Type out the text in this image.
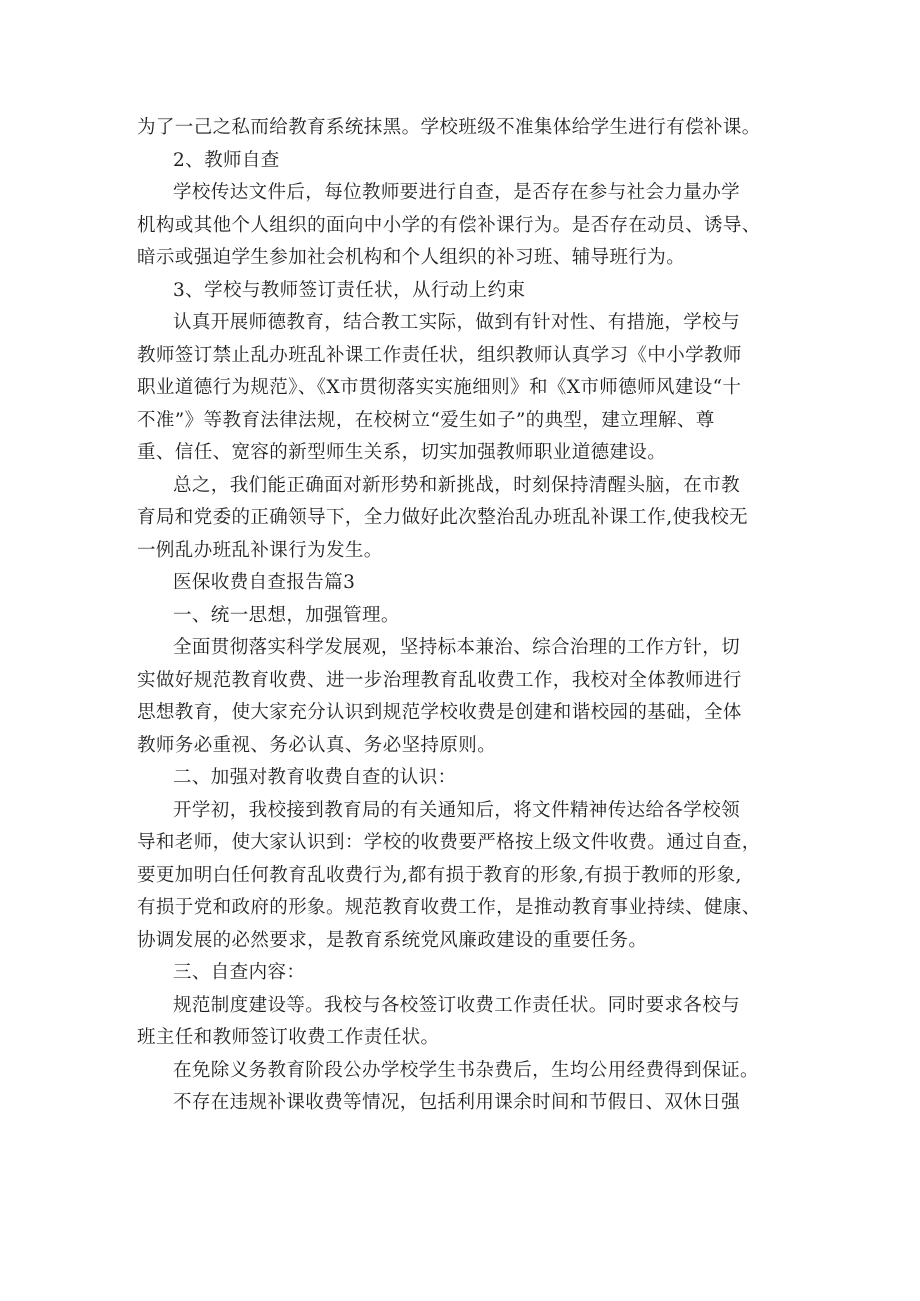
为了一己之私而给教育系统抹黑。学校班级不准集体给学生进行有偿补课。
2、教师自查
学校传达文件后，每位教师要进行自查，是否存在参与社会力量办学
机构或其他个人组织的面向中小学的有偿补课行为。是否存在动员、诱导、
暗示或强迫学生参加社会机构和个人组织的补习班、辅导班行为。
3、学校与教师签订责任状，从行动上约束
认真开展师德教育，结合教工实际，做到有针对性、有措施，学校与
教师签订禁止乱办班乱补课工作责任状，组织教师认真学习《中小学教师
职业道德行为规范》、《X市贯彻落实实施细则》和《X市师德师风建设“十
不准”》等教育法律法规，在校树立“爱生如子”的典型，建立理解、尊
重、信任、宽容的新型师生关系，切实加强教师职业道德建设。
总之，我们能正确面对新形势和新挑战，时刻保持清醒头脑，在市教
育局和党委的正确领导下，全力做好此次整治乱办班乱补课工作,使我校无
一例乱办班乱补课行为发生。
医保收费自查报告篇3
一、统一思想，加强管理。
全面贯彻落实科学发展观，坚持标本兼治、综合治理的工作方针，切
实做好规范教育收费、进一步治理教育乱收费工作，我校对全体教师进行
思想教育，使大家充分认识到规范学校收费是创建和谐校园的基础，全体
教师务必重视、务必认真、务必坚持原则。
二、加强对教育收费自查的认识：
开学初，我校接到教育局的有关通知后，将文件精神传达给各学校领
导和老师，使大家认识到：学校的收费要严格按上级文件收费。通过自查，
要更加明白任何教育乱收费行为,都有损于教育的形象,有损于教师的形象,
有损于党和政府的形象。规范教育收费工作，是推动教育事业持续、健康、
协调发展的必然要求，是教育系统党风廉政建设的重要任务。
三、自查内容：
规范制度建设等。我校与各校签订收费工作责任状。同时要求各校与
班主任和教师签订收费工作责任状。
在免除义务教育阶段公办学校学生书杂费后，生均公用经费得到保证。
不存在违规补课收费等情况，包括利用课余时间和节假日、双休日强
